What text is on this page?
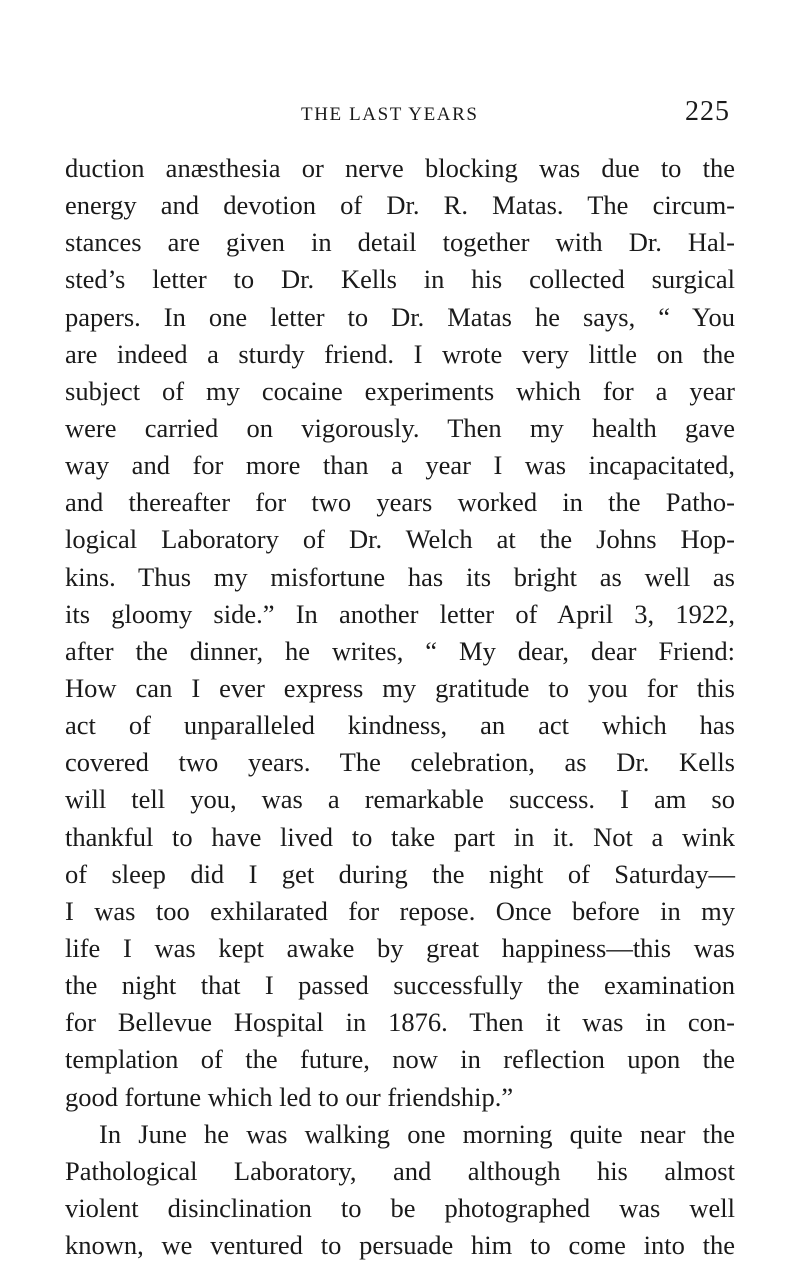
THE LAST YEARS	225
duction anæsthesia or nerve blocking was due to the
energy and devotion of Dr. R. Matas. The circum-
stances are given in detail together with Dr. Hal-
sted’s letter to Dr. Kells in his collected surgical
papers. In one letter to Dr. Matas he says, “ You
are indeed a sturdy friend. I wrote very little on the
subject of my cocaine experiments which for a year
were carried on vigorously. Then my health gave
way and for more than a year I was incapacitated,
and thereafter for two years worked in the Patho-
logical Laboratory of Dr. Welch at the Johns Hop-
kins. Thus my misfortune has its bright as well as
its gloomy side.” In another letter of April 3, 1922,
after the dinner, he writes, “ My dear, dear Friend:
How can I ever express my gratitude to you for this
act of unparalleled kindness, an act which has
covered two years. The celebration, as Dr. Kells
will tell you, was a remarkable success. I am so
thankful to have lived to take part in it. Not a wink
of sleep did I get during the night of Saturday—
I was too exhilarated for repose. Once before in my
life I was kept awake by great happiness—this was
the night that I passed successfully the examination
for Bellevue Hospital in 1876. Then it was in con-
templation of the future, now in reflection upon the
good fortune which led to our friendship.”
In June he was walking one morning quite near the
Pathological Laboratory, and although his almost
violent disinclination to be photographed was well
known, we ventured to persuade him to come into the
